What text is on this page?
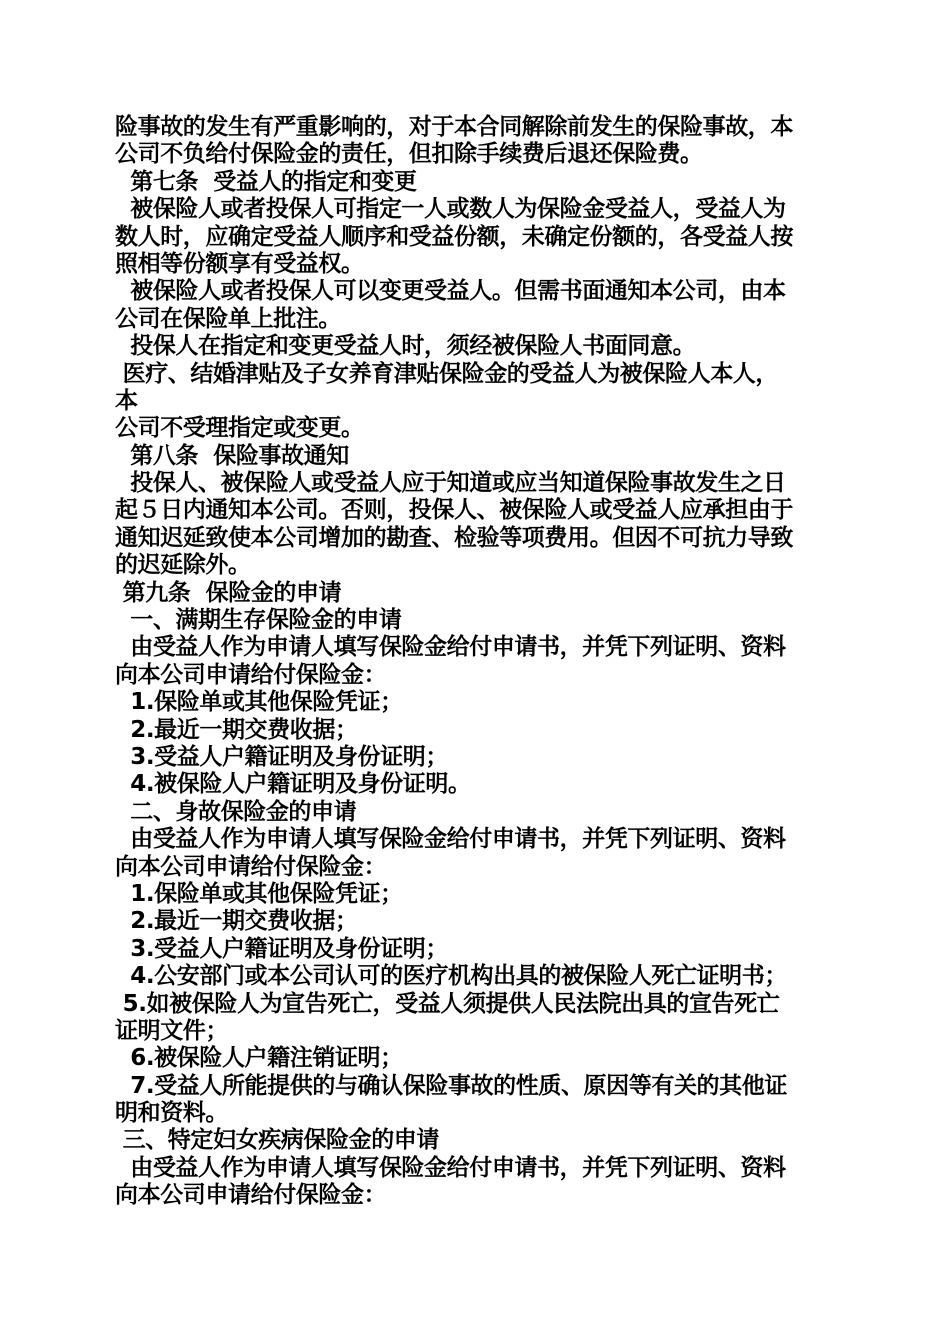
险事故的发生有严重影响的，对于本合同解除前发生的保险事故，本
公司不负给付保险金的责任，但扣除手续费后退还保险费。
第七条  受益人的指定和变更
被保险人或者投保人可指定一人或数人为保险金受益人，受益人为
数人时，应确定受益人顺序和受益份额，未确定份额的，各受益人按
照相等份额享有受益权。
被保险人或者投保人可以变更受益人。但需书面通知本公司，由本
公司在保险单上批注。
投保人在指定和变更受益人时，须经被保险人书面同意。
医疗、结婚津贴及子女养育津贴保险金的受益人为被保险人本人，
本
公司不受理指定或变更。
第八条  保险事故通知
投保人、被保险人或受益人应于知道或应当知道保险事故发生之日
起５日内通知本公司。否则，投保人、被保险人或受益人应承担由于
通知迟延致使本公司增加的勘查、检验等项费用。但因不可抗力导致
的迟延除外。
第九条  保险金的申请
一、满期生存保险金的申请
由受益人作为申请人填写保险金给付申请书，并凭下列证明、资料
向本公司申请给付保险金：
1.保险单或其他保险凭证；
2.最近一期交费收据；
3.受益人户籍证明及身份证明；
4.被保险人户籍证明及身份证明。
二、身故保险金的申请
由受益人作为申请人填写保险金给付申请书，并凭下列证明、资料
向本公司申请给付保险金：
1.保险单或其他保险凭证；
2.最近一期交费收据；
3.受益人户籍证明及身份证明；
4.公安部门或本公司认可的医疗机构出具的被保险人死亡证明书；
5.如被保险人为宣告死亡，受益人须提供人民法院出具的宣告死亡
证明文件；
6.被保险人户籍注销证明；
7.受益人所能提供的与确认保险事故的性质、原因等有关的其他证
明和资料。
三、特定妇女疾病保险金的申请
由受益人作为申请人填写保险金给付申请书，并凭下列证明、资料
向本公司申请给付保险金：
